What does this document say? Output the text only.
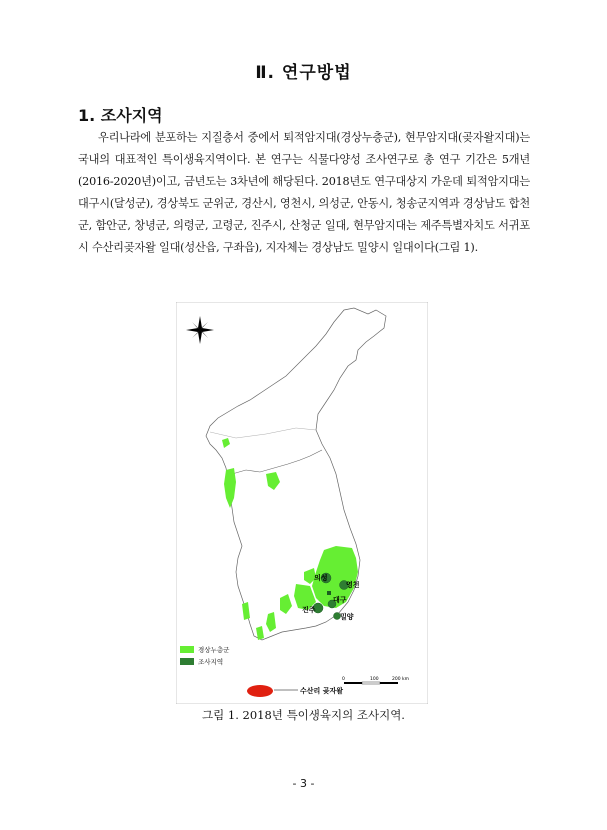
Ⅱ. 연구방법
1. 조사지역
우리나라에 분포하는 지질층서 중에서 퇴적암지대(경상누층군), 현무암지대(곶자왈지대)는 국내의 대표적인 특이생육지역이다. 본 연구는 식물다양성 조사연구로 총 연구 기간은 5개년(2016-2020년)이고, 금년도는 3차년에 해당된다. 2018년도 연구대상지 가운데 퇴적암지대는 대구시(달성군), 경상북도 군위군, 경산시, 영천시, 의성군, 안동시, 청송군지역과 경상남도 합천군, 함안군, 창녕군, 의령군, 고령군, 진주시, 산청군 일대, 현무암지대는 제주특별자치도 서귀포시 수산리곶자왈 일대(성산읍, 구좌읍), 지자체는 경상남도 밀양시 일대이다(그림 1).
의성
영천
대구
진주
밀양
수산리 곶자왈
경상누층군
조사지역
0	100	200 km
그림 1. 2018년 특이생육지의 조사지역.
- 3 -
